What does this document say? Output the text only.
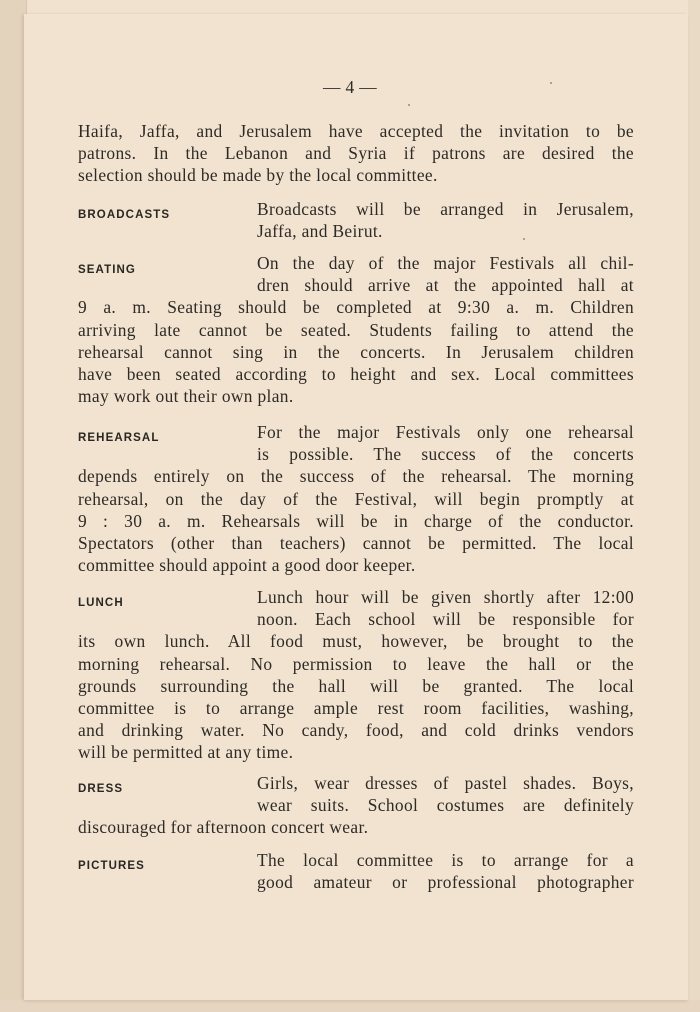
— 4 —
Haifa, Jaffa, and Jerusalem have accepted the invitation to be
patrons. In the Lebanon and Syria if patrons are desired the
selection should be made by the local committee.
BROADCASTS	Broadcasts will be arranged in Jerusalem,
Jaffa, and Beirut.
SEATING	On the day of the major Festivals all chil-
dren should arrive at the appointed hall at
9 a. m. Seating should be completed at 9:30 a. m. Children
arriving late cannot be seated. Students failing to attend the
rehearsal cannot sing in the concerts. In Jerusalem children
have been seated according to height and sex. Local committees
may work out their own plan.
REHEARSAL	For the major Festivals only one rehearsal
is possible. The success of the concerts
depends entirely on the success of the rehearsal. The morning
rehearsal, on the day of the Festival, will begin promptly at
9 : 30 a. m. Rehearsals will be in charge of the conductor.
Spectators (other than teachers) cannot be permitted. The local
committee should appoint a good door keeper.
LUNCH	Lunch hour will be given shortly after 12:00
noon. Each school will be responsible for
its own lunch. All food must, however, be brought to the
morning rehearsal. No permission to leave the hall or the
grounds surrounding the hall will be granted. The local
committee is to arrange ample rest room facilities, washing,
and drinking water. No candy, food, and cold drinks vendors
will be permitted at any time.
DRESS	Girls, wear dresses of pastel shades. Boys,
wear suits. School costumes are definitely
discouraged for afternoon concert wear.
PICTURES	The local committee is to arrange for a
good amateur or professional photographer
